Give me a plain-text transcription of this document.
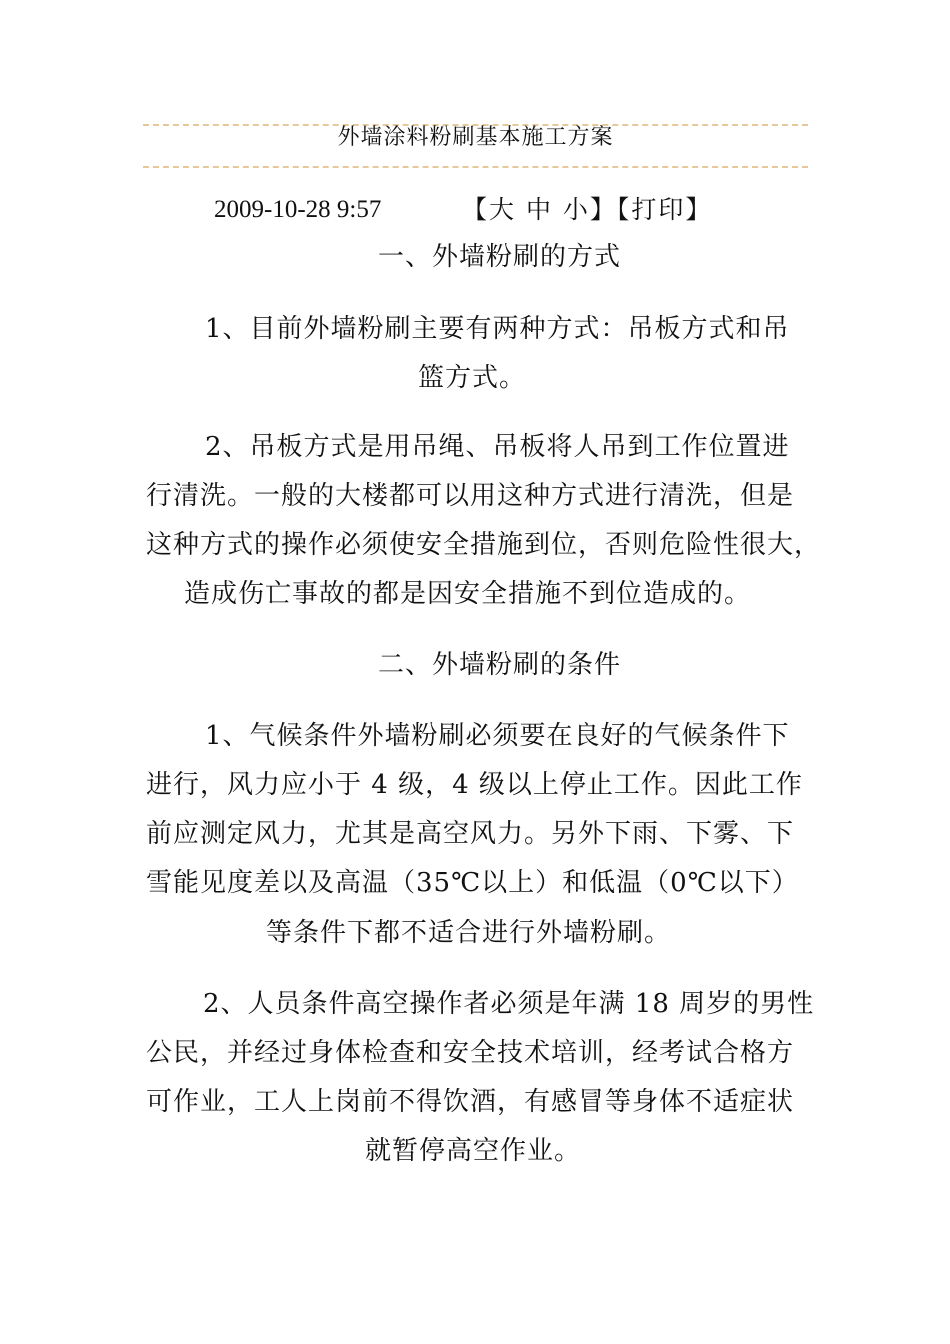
外墙涂料粉刷基本施工方案
2009-10-28 9:57	【大 中 小】【打印】
一、外墙粉刷的方式
1、目前外墙粉刷主要有两种方式：吊板方式和吊
篮方式。
2、吊板方式是用吊绳、吊板将人吊到工作位置进
行清洗。一般的大楼都可以用这种方式进行清洗，但是
这种方式的操作必须使安全措施到位，否则危险性很大，
造成伤亡事故的都是因安全措施不到位造成的。
二、外墙粉刷的条件
1、气候条件外墙粉刷必须要在良好的气候条件下
进行，风力应小于 4 级，4 级以上停止工作。因此工作
前应测定风力，尤其是高空风力。另外下雨、下雾、下
雪能见度差以及高温（35℃以上）和低温（0℃以下）
等条件下都不适合进行外墙粉刷。
2、人员条件高空操作者必须是年满 18 周岁的男性
公民，并经过身体检查和安全技术培训，经考试合格方
可作业，工人上岗前不得饮酒，有感冒等身体不适症状
就暂停高空作业。
